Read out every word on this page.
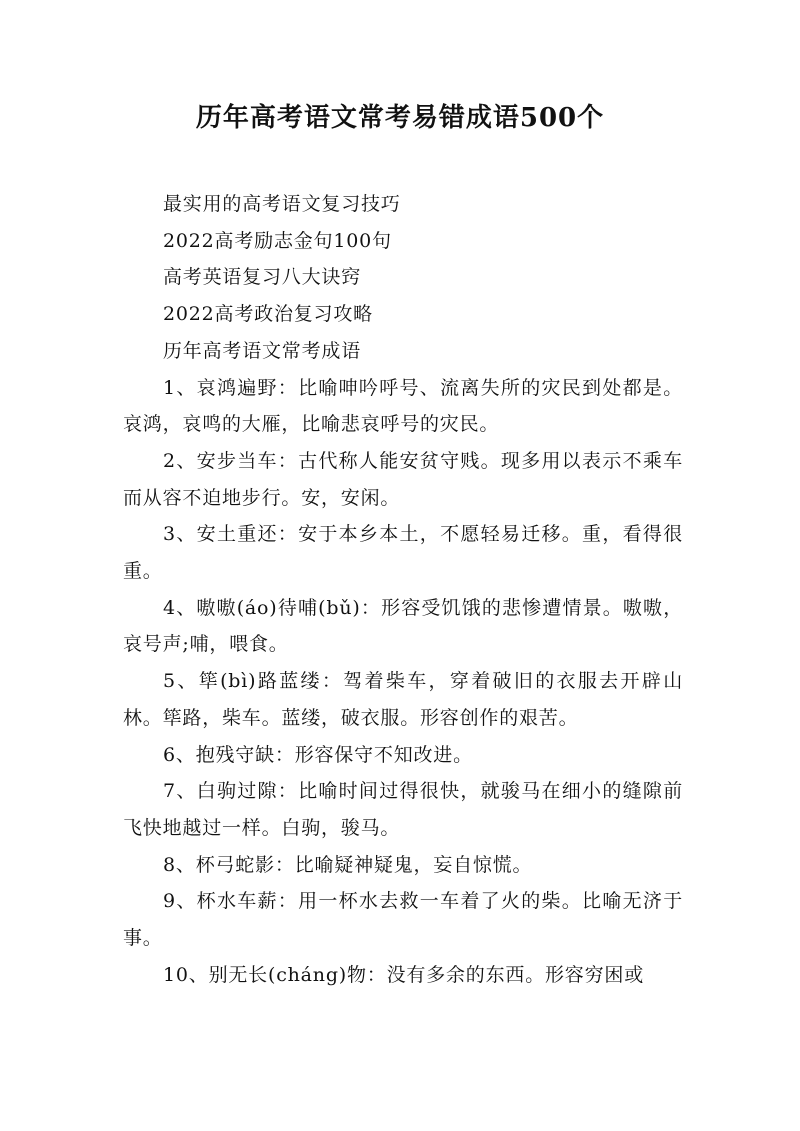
历年高考语文常考易错成语500个

最实用的高考语文复习技巧

2022高考励志金句100句

高考英语复习八大诀窍

2022高考政治复习攻略

历年高考语文常考成语

1、哀鸿遍野：比喻呻吟呼号、流离失所的灾民到处都是。哀鸿，哀鸣的大雁，比喻悲哀呼号的灾民。

2、安步当车：古代称人能安贫守贱。现多用以表示不乘车而从容不迫地步行。安，安闲。

3、安土重还：安于本乡本土，不愿轻易迁移。重，看得很重。

4、嗷嗷(áo)待哺(bǔ)：形容受饥饿的悲惨遭情景。嗷嗷，哀号声;哺，喂食。

5、筚(bì)路蓝缕：驾着柴车，穿着破旧的衣服去开辟山林。筚路，柴车。蓝缕，破衣服。形容创作的艰苦。

6、抱残守缺：形容保守不知改进。

7、白驹过隙：比喻时间过得很快，就骏马在细小的缝隙前飞快地越过一样。白驹，骏马。

8、杯弓蛇影：比喻疑神疑鬼，妄自惊慌。

9、杯水车薪：用一杯水去救一车着了火的柴。比喻无济于事。

10、别无长(cháng)物：没有多余的东西。形容穷困或
